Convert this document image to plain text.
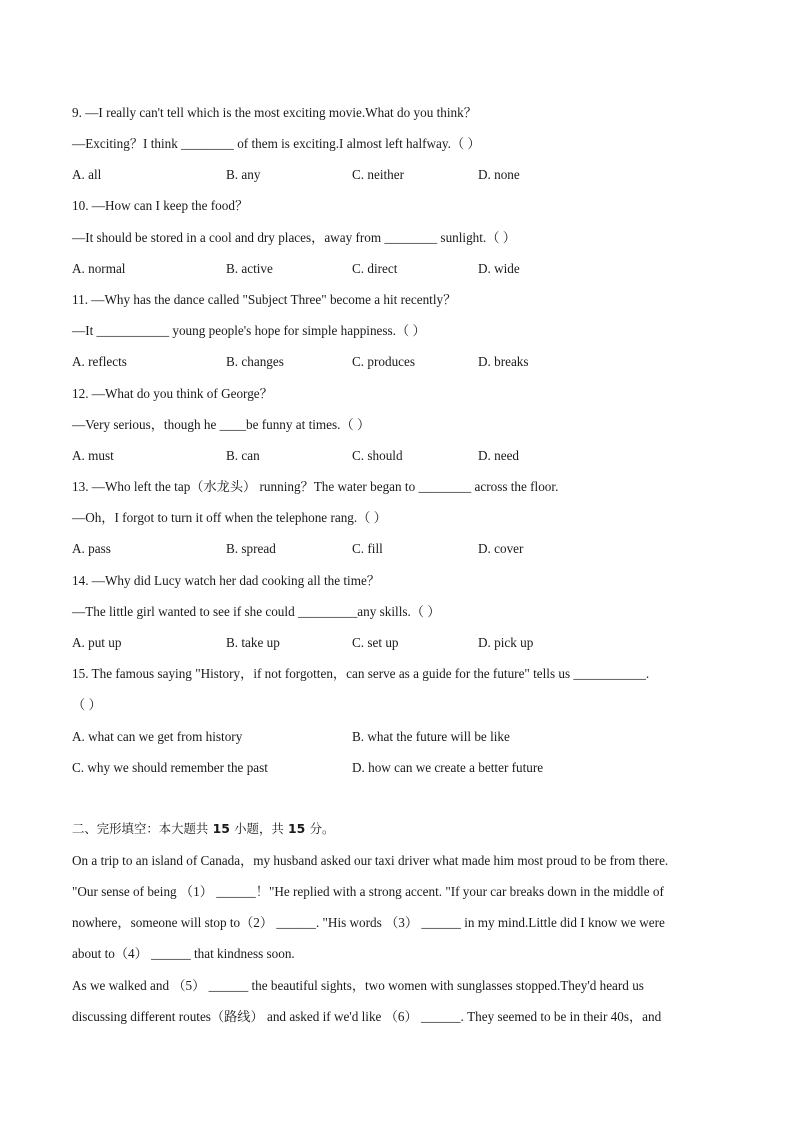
9. —I really can't tell which is the most exciting movie.What do you think？
—Exciting？I think ________ of them is exciting.I almost left halfway.（ ）
A. all	B. any	C. neither	D. none
10. —How can I keep the food？
—It should be stored in a cool and dry places，away from ________ sunlight.（ ）
A. normal	B. active	C. direct	D. wide
11. —Why has the dance called "Subject Three" become a hit recently？
—It ___________ young people's hope for simple happiness.（ ）
A. reflects	B. changes	C. produces	D. breaks
12. —What do you think of George？
—Very serious，though he ____be funny at times.（ ）
A. must	B. can	C. should	D. need
13. —Who left the tap（水龙头） running？The water began to ________ across the floor.
—Oh，I forgot to turn it off when the telephone rang.（ ）
A. pass	B. spread	C. fill	D. cover
14. —Why did Lucy watch her dad cooking all the time？
—The little girl wanted to see if she could _________any skills.（ ）
A. put up	B. take up	C. set up	D. pick up
15. The famous saying "History，if not forgotten，can serve as a guide for the future" tells us ___________.
（ ）
A. what can we get from history	B. what the future will be like
C. why we should remember the past	D. how can we create a better future
二、完形填空：本大题共 15 小题，共 15 分。
On a trip to an island of Canada，my husband asked our taxi driver what made him most proud to be from there.
"Our sense of being （1） ______！"He replied with a strong accent. "If your car breaks down in the middle of
nowhere，someone will stop to（2） ______. "His words （3） ______ in my mind.Little did I know we were
about to（4） ______ that kindness soon.
As we walked and （5） ______ the beautiful sights，two women with sunglasses stopped.They'd heard us
discussing different routes（路线） and asked if we'd like （6） ______. They seemed to be in their 40s，and
